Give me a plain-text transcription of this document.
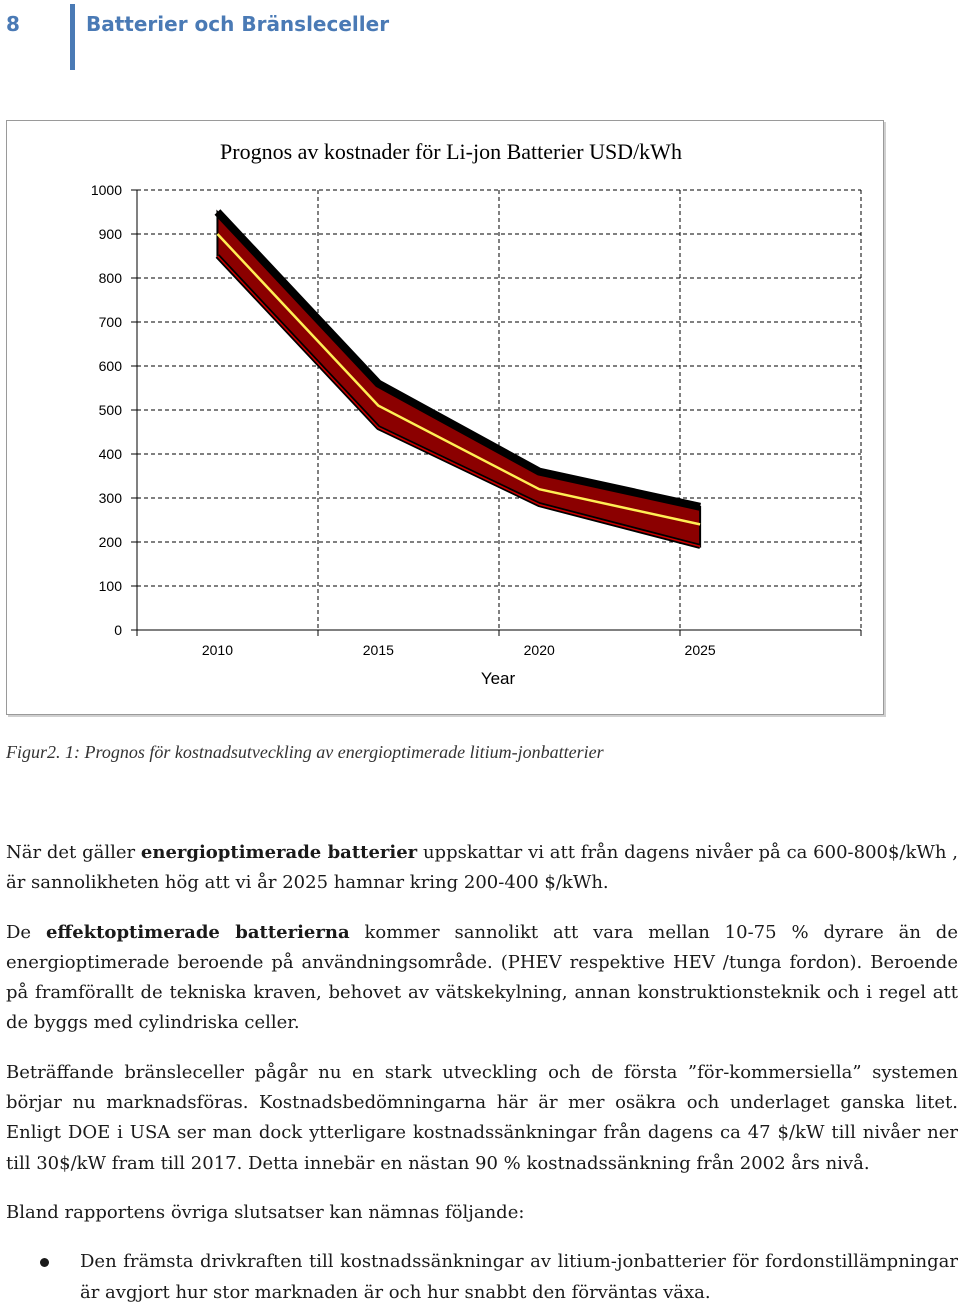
8	Batterier och Bränsleceller
0
100
200
300
400
500
600
700
800
900
1000
2010	2015	2020	2025
Prognos av kostnader för Li-jon Batterier USD/kWh
Year

Figur2. 1: Prognos för kostnadsutveckling av energioptimerade litium-jonbatterier

När det gäller energioptimerade batterier uppskattar vi att från dagens nivåer på ca 600-800$/kWh , är sannolikheten hög att vi år 2025 hamnar kring 200-400 $/kWh.

De effektoptimerade batterierna kommer sannolikt att vara mellan 10-75 % dyrare än de energioptimerade beroende på användningsområde. (PHEV respektive HEV /tunga fordon). Beroende på framförallt de tekniska kraven, behovet av vätskekylning, annan konstruktionsteknik och i regel att de byggs med cylindriska celler.

Beträffande bränsleceller pågår nu en stark utveckling och de första ”för-kommersiella” systemen börjar nu marknadsföras. Kostnadsbedömningarna här är mer osäkra och underlaget ganska litet. Enligt DOE i USA ser man dock ytterligare kostnadssänkningar från dagens ca 47 $/kW till nivåer ner till 30$/kW fram till 2017. Detta innebär en nästan 90 % kostnadssänkning från 2002 års nivå.

Bland rapportens övriga slutsatser kan nämnas följande:

Den främsta drivkraften till kostnadssänkningar av litium-jonbatterier för fordonstillämpningar är avgjort hur stor marknaden är och hur snabbt den förväntas växa.
